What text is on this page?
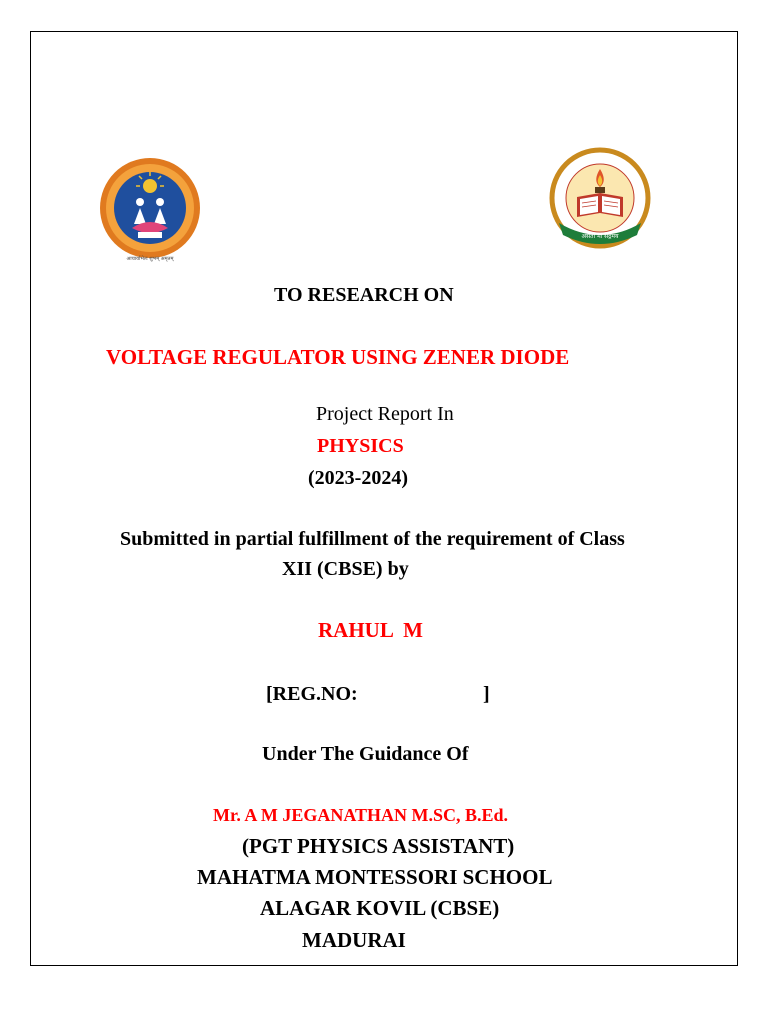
आचार्याभेतः शुभम् अमृतम्
असतो मा सद्गमय
TO RESEARCH ON
VOLTAGE REGULATOR USING ZENER DIODE
Project Report In
PHYSICS
(2023-2024)
Submitted in partial fulfillment of the requirement of Class
XII (CBSE) by
RAHUL  M
[REG.NO:	]
Under The Guidance Of
Mr. A M JEGANATHAN M.SC, B.Ed.
(PGT PHYSICS ASSISTANT)
MAHATMA MONTESSORI SCHOOL
ALAGAR KOVIL (CBSE)
MADURAI
